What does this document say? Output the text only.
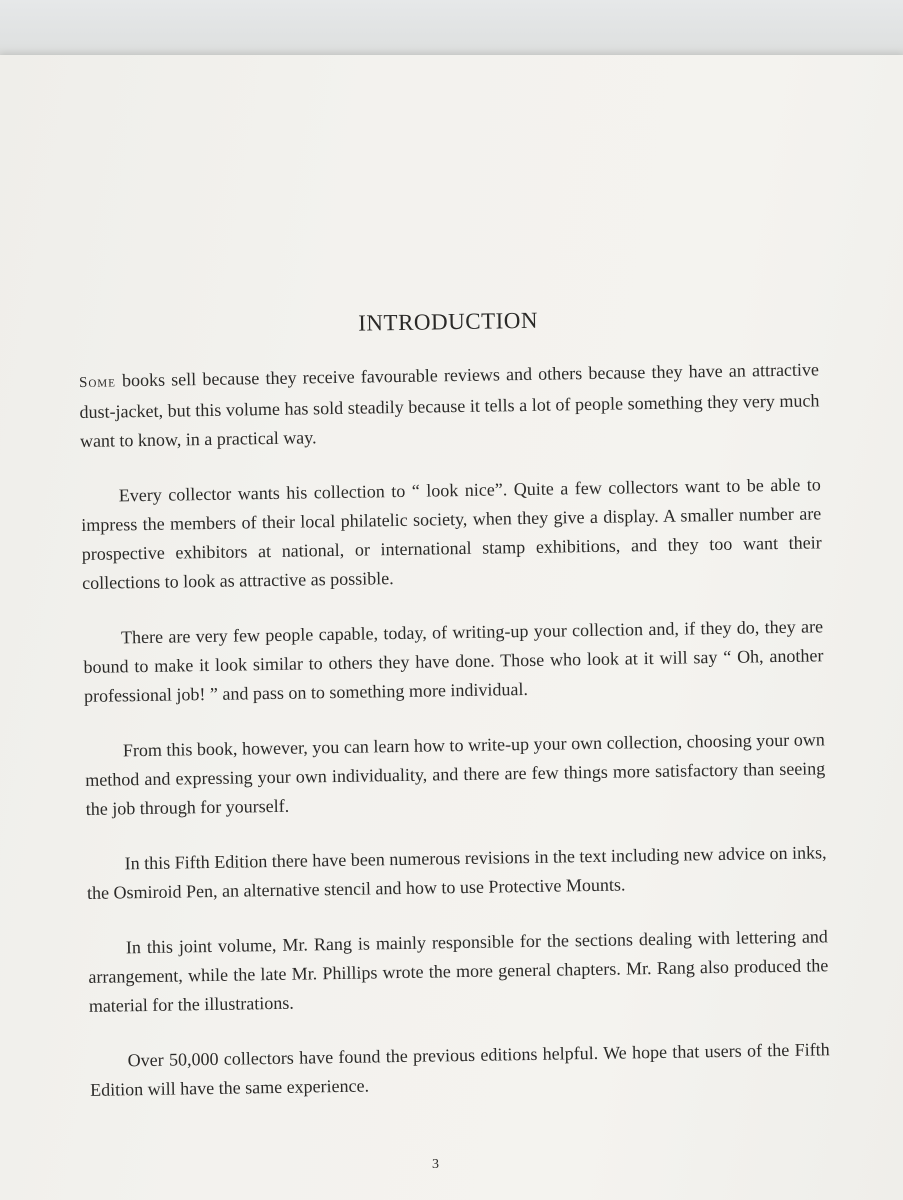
INTRODUCTION

Some books sell because they receive favourable reviews and others because they have an attractive dust-jacket, but this volume has sold steadily because it tells a lot of people something they very much want to know, in a practical way.

Every collector wants his collection to “ look nice”. Quite a few collectors want to be able to impress the members of their local philatelic society, when they give a display. A smaller number are prospective exhibitors at national, or international stamp exhibitions, and they too want their collections to look as attractive as possible.

There are very few people capable, today, of writing-up your collection and, if they do, they are bound to make it look similar to others they have done. Those who look at it will say “ Oh, another professional job! ” and pass on to something more individual.

From this book, however, you can learn how to write-up your own collection, choosing your own method and expressing your own individuality, and there are few things more satisfactory than seeing the job through for yourself.

In this Fifth Edition there have been numerous revisions in the text including new advice on inks, the Osmiroid Pen, an alternative stencil and how to use Protective Mounts.

In this joint volume, Mr. Rang is mainly responsible for the sections dealing with lettering and arrangement, while the late Mr. Phillips wrote the more general chapters. Mr. Rang also produced the material for the illustrations.

Over 50,000 collectors have found the previous editions helpful. We hope that users of the Fifth Edition will have the same experience.

3
